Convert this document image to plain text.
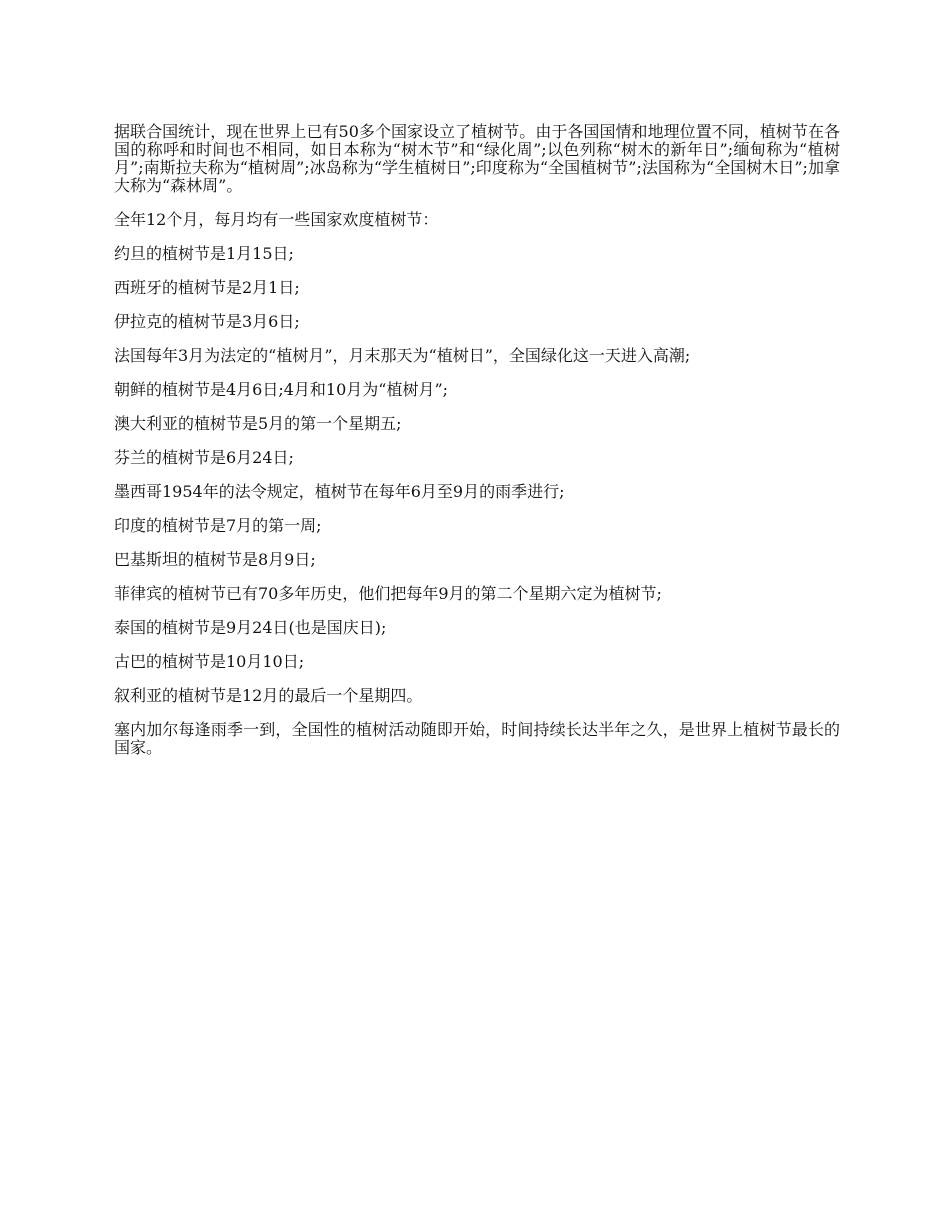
据联合国统计，现在世界上已有50多个国家设立了植树节。由于各国国情和地理位置不同，植树节在各国的称呼和时间也不相同，如日本称为“树木节”和“绿化周”;以色列称“树木的新年日”;缅甸称为“植树月”;南斯拉夫称为“植树周”;冰岛称为“学生植树日”;印度称为“全国植树节”;法国称为“全国树木日”;加拿大称为“森林周”。

全年12个月，每月均有一些国家欢度植树节：

约旦的植树节是1月15日;

西班牙的植树节是2月1日;

伊拉克的植树节是3月6日;

法国每年3月为法定的“植树月”，月末那天为“植树日”，全国绿化这一天进入高潮;

朝鲜的植树节是4月6日;4月和10月为“植树月”;

澳大利亚的植树节是5月的第一个星期五;

芬兰的植树节是6月24日;

墨西哥1954年的法令规定，植树节在每年6月至9月的雨季进行;

印度的植树节是7月的第一周;

巴基斯坦的植树节是8月9日;

菲律宾的植树节已有70多年历史，他们把每年9月的第二个星期六定为植树节;

泰国的植树节是9月24日(也是国庆日);

古巴的植树节是10月10日;

叙利亚的植树节是12月的最后一个星期四。

塞内加尔每逢雨季一到，全国性的植树活动随即开始，时间持续长达半年之久，是世界上植树节最长的国家。
